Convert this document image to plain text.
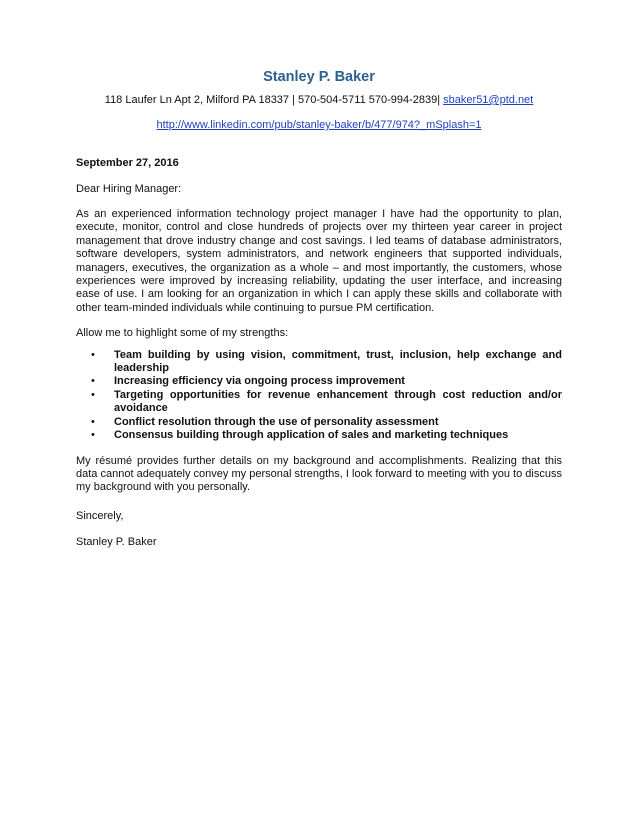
Stanley P. Baker
118 Laufer Ln Apt 2, Milford PA 18337 | 570-504-5711 570-994-2839| sbaker51@ptd.net
http://www.linkedin.com/pub/stanley-baker/b/477/974?_mSplash=1
September 27, 2016
Dear Hiring Manager:

As an experienced information technology project manager I have had the opportunity to plan, execute, monitor, control and close hundreds of projects over my thirteen year career in project management that drove industry change and cost savings. I led teams of database administrators, software developers, system administrators, and network engineers that supported individuals, managers, executives, the organization as a whole – and most importantly, the customers, whose experiences were improved by increasing reliability, updating the user interface, and increasing ease of use. I am looking for an organization in which I can apply these skills and collaborate with other team-minded individuals while continuing to pursue PM certification.

Allow me to highlight some of my strengths:

• Team building by using vision, commitment, trust, inclusion, help exchange and leadership
• Increasing efficiency via ongoing process improvement
• Targeting opportunities for revenue enhancement through cost reduction and/or avoidance
• Conflict resolution through the use of personality assessment
• Consensus building through application of sales and marketing techniques

My résumé provides further details on my background and accomplishments. Realizing that this data cannot adequately convey my personal strengths, I look forward to meeting with you to discuss my background with you personally.

Sincerely,
Stanley P. Baker
